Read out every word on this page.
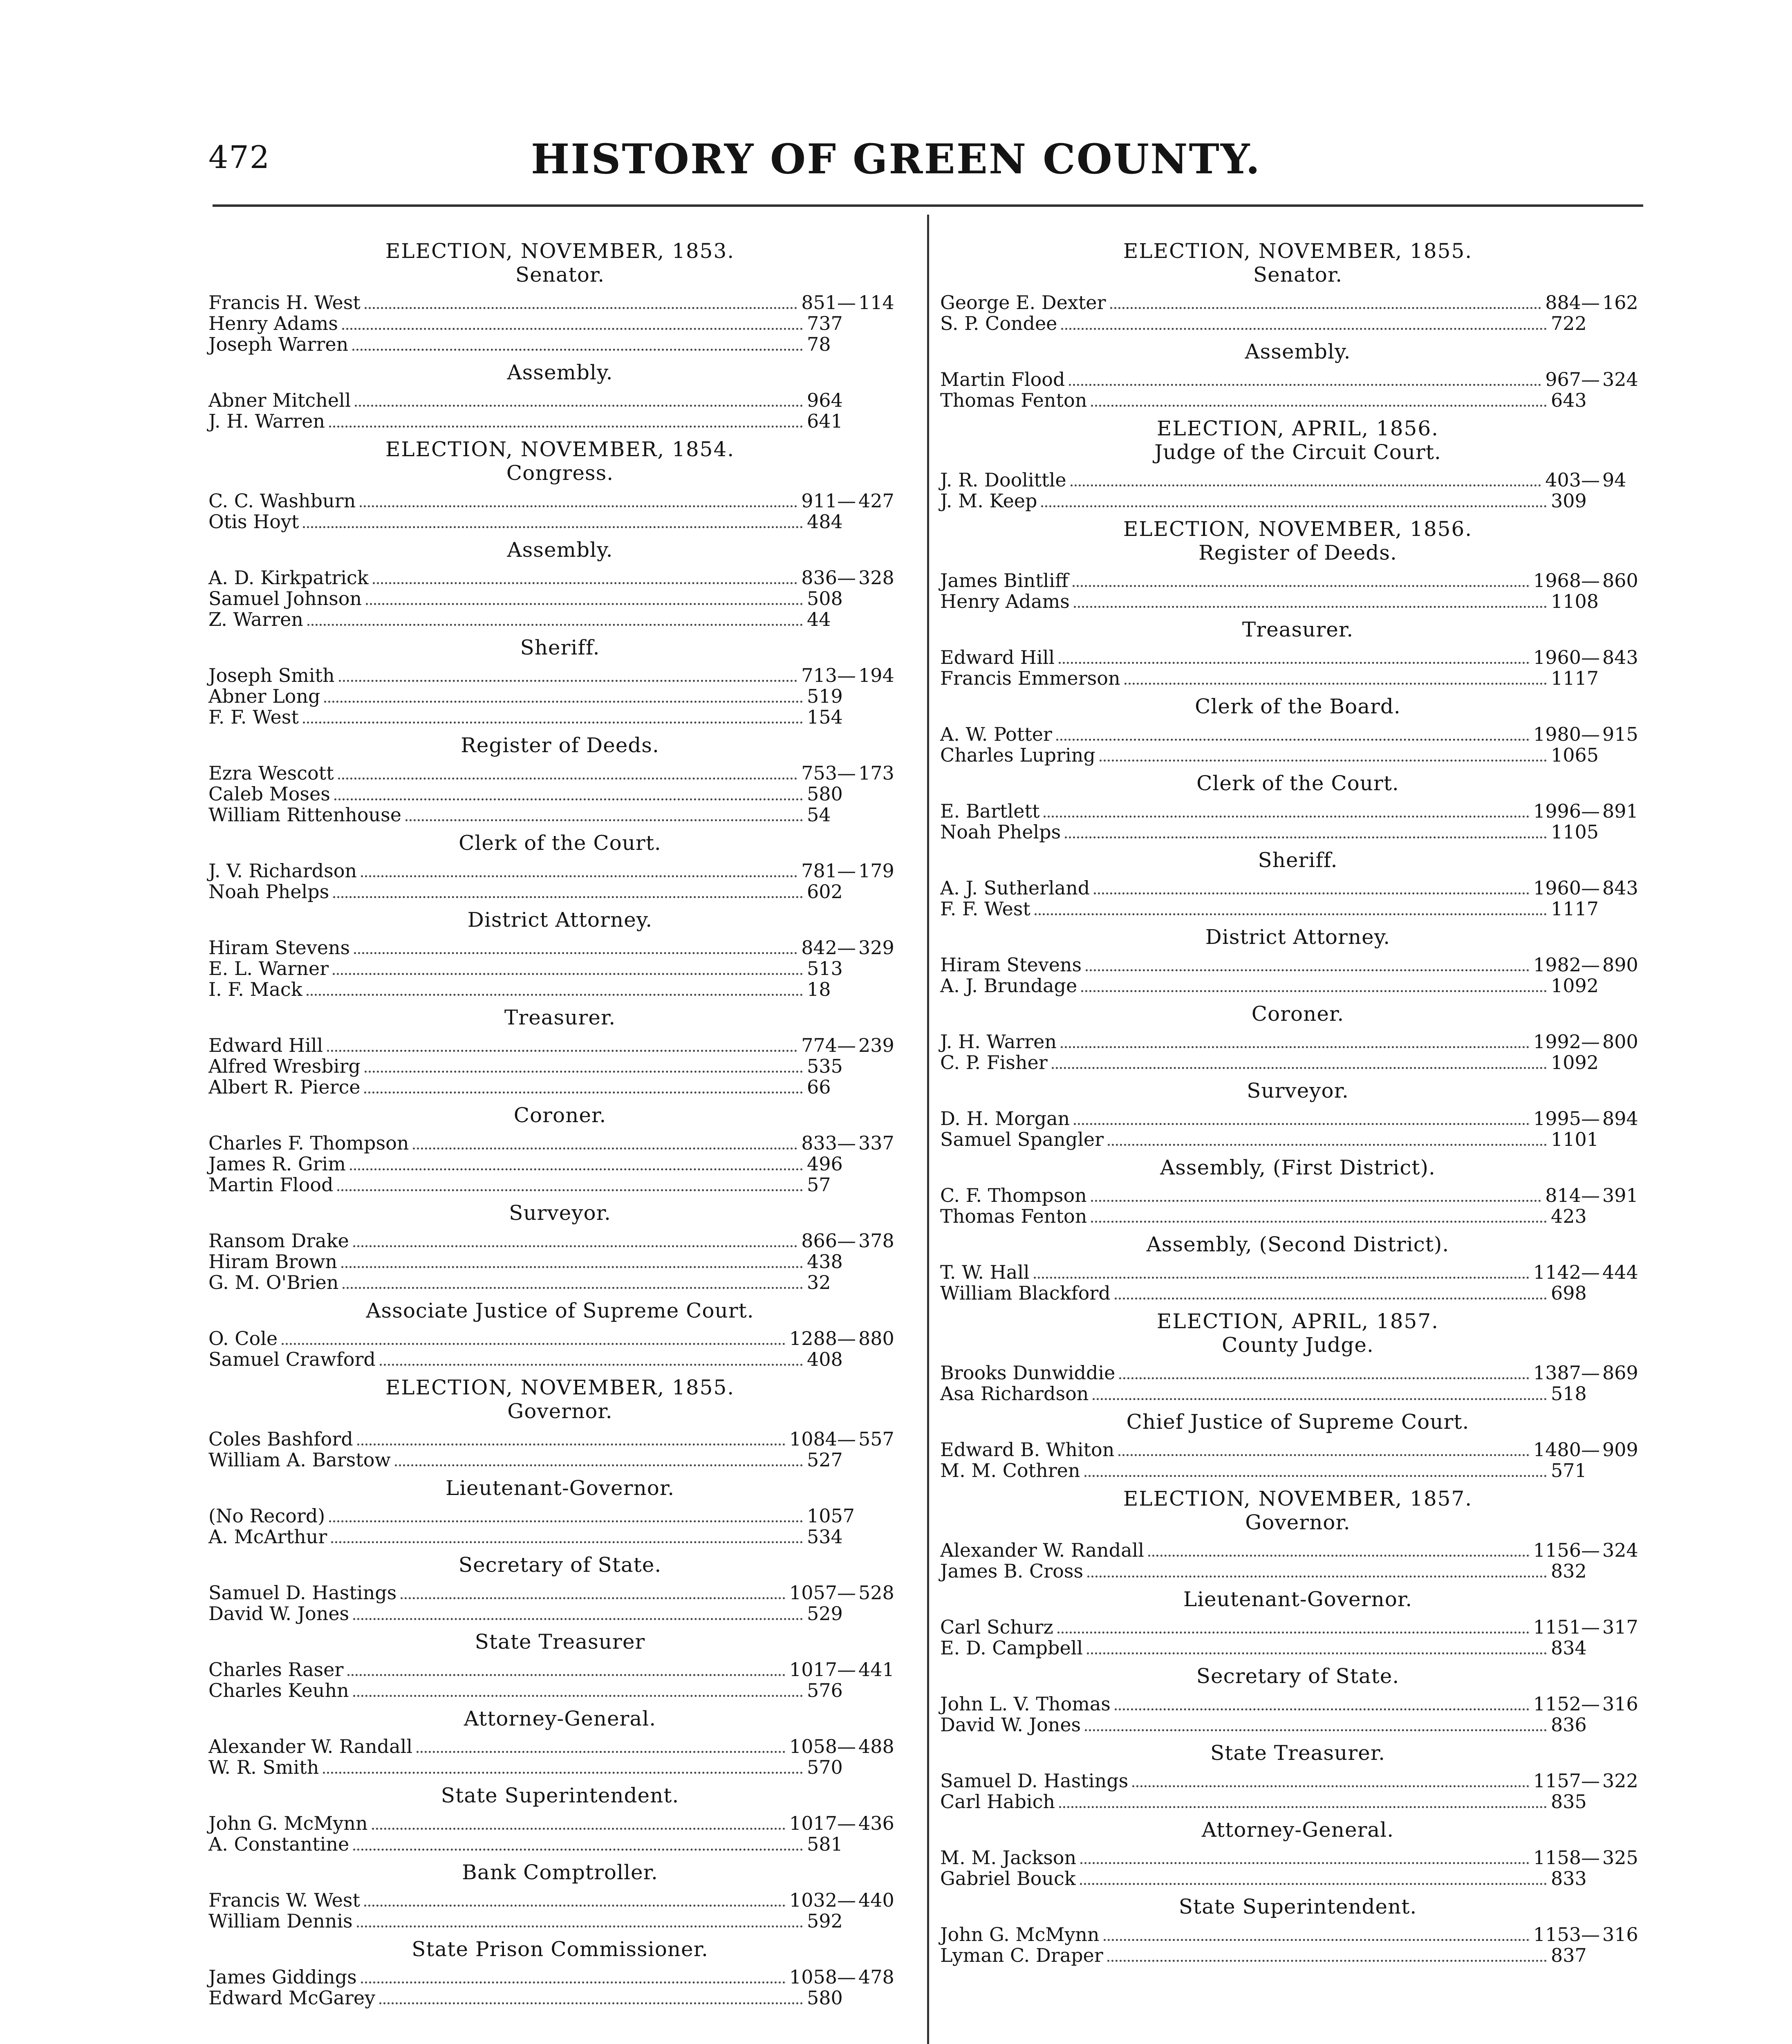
472	HISTORY OF GREEN COUNTY.
ELECTION, NOVEMBER, 1853.
Senator.
Francis H. West	851— 114
Henry Adams	737
Joseph Warren	78
Assembly.
Abner Mitchell	964
J. H. Warren	641
ELECTION, NOVEMBER, 1854.
Congress.
C. C. Washburn	911— 427
Otis Hoyt	484
Assembly.
A. D. Kirkpatrick	836— 328
Samuel Johnson	508
Z. Warren	44
Sheriff.
Joseph Smith	713— 194
Abner Long	519
F. F. West	154
Register of Deeds.
Ezra Wescott	753— 173
Caleb Moses	580
William Rittenhouse	54
Clerk of the Court.
J. V. Richardson	781— 179
Noah Phelps	602
District Attorney.
Hiram Stevens	842— 329
E. L. Warner	513
I. F. Mack	18
Treasurer.
Edward Hill	774— 239
Alfred Wresbirg	535
Albert R. Pierce	66
Coroner.
Charles F. Thompson	833— 337
James R. Grim	496
Martin Flood	57
Surveyor.
Ransom Drake	866— 378
Hiram Brown	438
G. M. O'Brien	32
Associate Justice of Supreme Court.
O. Cole	1288— 880
Samuel Crawford	408
ELECTION, NOVEMBER, 1855.
Governor.
Coles Bashford	1084— 557
William A. Barstow	527
Lieutenant-Governor.
(No Record)	1057
A. McArthur	534
Secretary of State.
Samuel D. Hastings	1057— 528
David W. Jones	529
State Treasurer
Charles Raser	1017— 441
Charles Keuhn	576
Attorney-General.
Alexander W. Randall	1058— 488
W. R. Smith	570
State Superintendent.
John G. McMynn	1017— 436
A. Constantine	581
Bank Comptroller.
Francis W. West	1032— 440
William Dennis	592
State Prison Commissioner.
James Giddings	1058— 478
Edward McGarey	580
ELECTION, NOVEMBER, 1855.
Senator.
George E. Dexter	884— 162
S. P. Condee	722
Assembly.
Martin Flood	967— 324
Thomas Fenton	643
ELECTION, APRIL, 1856.
Judge of the Circuit Court.
J. R. Doolittle	403— 94
J. M. Keep	309
ELECTION, NOVEMBER, 1856.
Register of Deeds.
James Bintliff	1968— 860
Henry Adams	1108
Treasurer.
Edward Hill	1960— 843
Francis Emmerson	1117
Clerk of the Board.
A. W. Potter	1980— 915
Charles Lupring	1065
Clerk of the Court.
E. Bartlett	1996— 891
Noah Phelps	1105
Sheriff.
A. J. Sutherland	1960— 843
F. F. West	1117
District Attorney.
Hiram Stevens	1982— 890
A. J. Brundage	1092
Coroner.
J. H. Warren	1992— 800
C. P. Fisher	1092
Surveyor.
D. H. Morgan	1995— 894
Samuel Spangler	1101
Assembly, (First District).
C. F. Thompson	814— 391
Thomas Fenton	423
Assembly, (Second District).
T. W. Hall	1142— 444
William Blackford	698
ELECTION, APRIL, 1857.
County Judge.
Brooks Dunwiddie	1387— 869
Asa Richardson	518
Chief Justice of Supreme Court.
Edward B. Whiton	1480— 909
M. M. Cothren	571
ELECTION, NOVEMBER, 1857.
Governor.
Alexander W. Randall	1156— 324
James B. Cross	832
Lieutenant-Governor.
Carl Schurz	1151— 317
E. D. Campbell	834
Secretary of State.
John L. V. Thomas	1152— 316
David W. Jones	836
State Treasurer.
Samuel D. Hastings	1157— 322
Carl Habich	835
Attorney-General.
M. M. Jackson	1158— 325
Gabriel Bouck	833
State Superintendent.
John G. McMynn	1153— 316
Lyman C. Draper	837
